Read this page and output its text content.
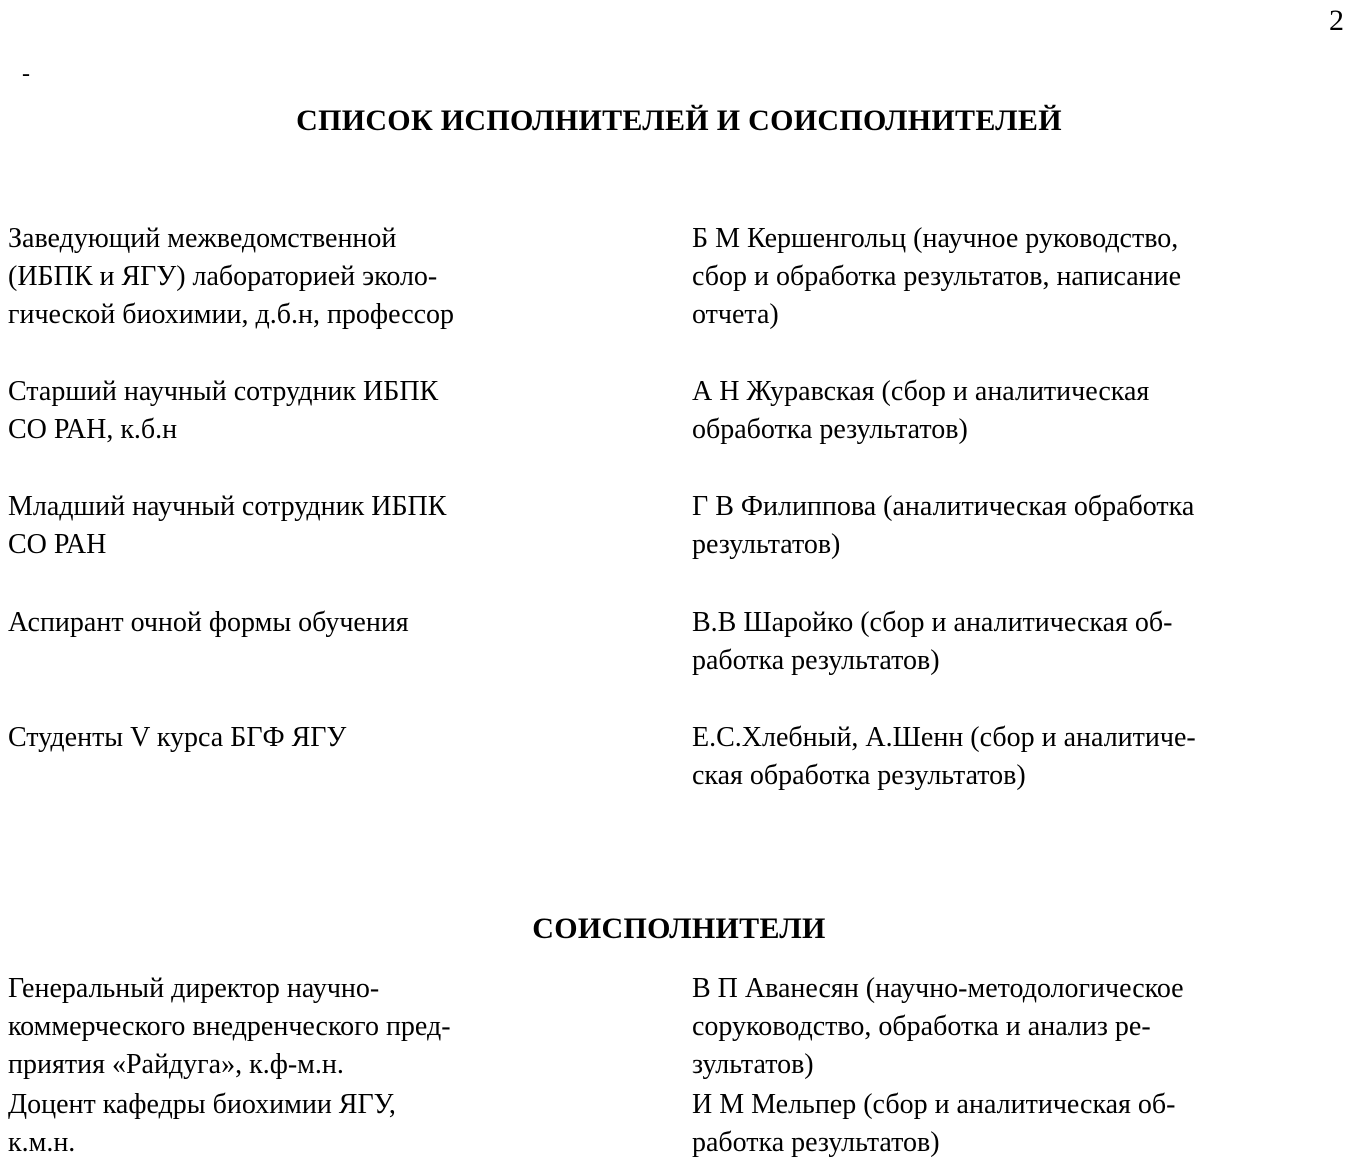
2
-
СПИСОК ИСПОЛНИТЕЛЕЙ И СОИСПОЛНИТЕЛЕЙ
Заведующий межведомственной
(ИБПК и ЯГУ) лабораторией эколо-
гической биохимии, д.б.н, профессор
Б М Кершенгольц (научное руководство,
сбор и обработка результатов, написание
отчета)
Старший научный сотрудник ИБПК
СО РАН, к.б.н
А Н Журавская (сбор и аналитическая
обработка результатов)
Младший научный сотрудник ИБПК
СО РАН
Г В Филиппова (аналитическая обработка
результатов)
Аспирант очной формы обучения	В.В Шаройко (сбор и аналитическая об-
работка результатов)
Студенты V курса БГФ ЯГУ	Е.С.Хлебный, А.Шенн (сбор и аналитиче-
ская обработка результатов)
СОИСПОЛНИТЕЛИ
Генеральный директор научно-
коммерческого внедренческого пред-
приятия «Райдуга», к.ф-м.н.
В П Аванесян (научно-методологическое
соруководство, обработка и анализ ре-
зультатов)
Доцент кафедры биохимии ЯГУ,
к.м.н.
И М Мельпер (сбор и аналитическая об-
работка результатов)
